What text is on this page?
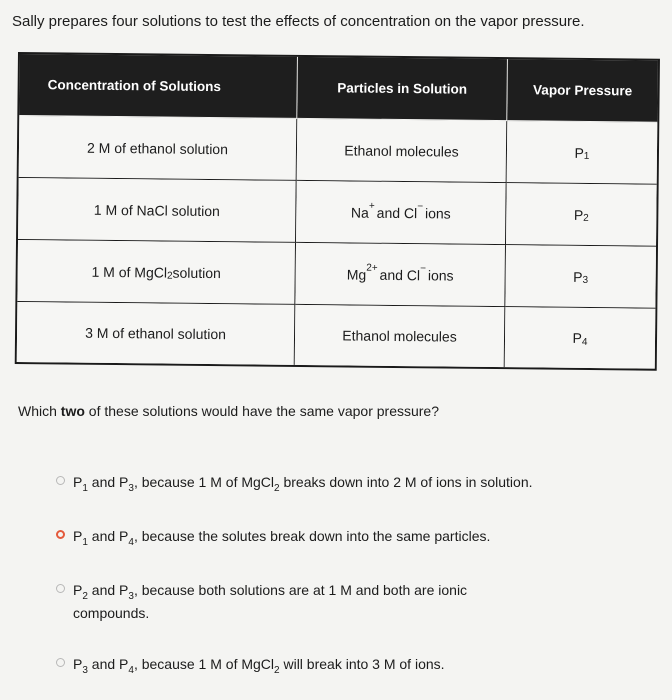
Sally prepares four solutions to test the effects of concentration on the vapor pressure.
Concentration of Solutions	Particles in Solution	Vapor Pressure
2 M of ethanol solution	Ethanol molecules	P 1
1 M of NaCl solution	Na + and Cl − ions	P 2
1 M of MgCl 2 solution	Mg 2+ and Cl − ions	P 3
3 M of ethanol solution	Ethanol molecules	P 4
Which two of these solutions would have the same vapor pressure?
$P_1$ and $P_3$, because 1 M of MgCl$_2$ breaks down into 2 M of ions in solution.
$P_1$ and $P_4$, because the solutes break down into the same particles.
$P_2$ and $P_3$, because both solutions are at 1 M and both are ionic compounds.
$P_3$ and $P_4$, because 1 M of MgCl$_2$ will break into 3 M of ions.
